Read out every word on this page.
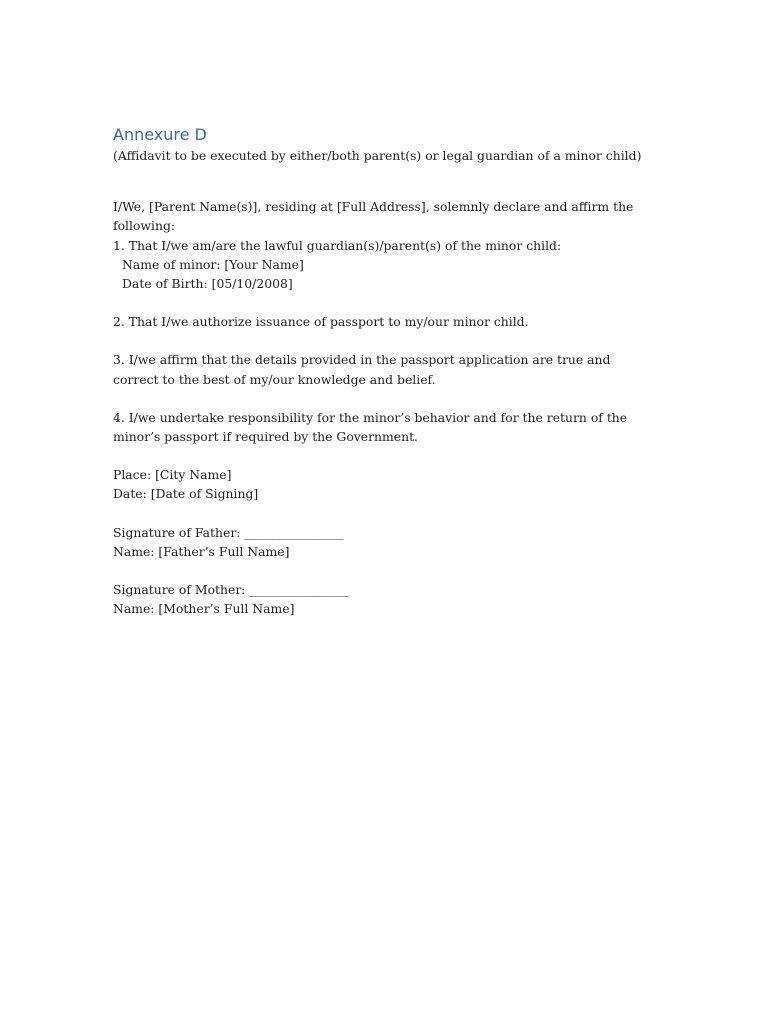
Annexure D

(Affidavit to be executed by either/both parent(s) or legal guardian of a minor child)

I/We, [Parent Name(s)], residing at [Full Address], solemnly declare and affirm the following:

1. That I/we am/are the lawful guardian(s)/parent(s) of the minor child:
Name of minor: [Your Name]
Date of Birth: [05/10/2008]

2. That I/we authorize issuance of passport to my/our minor child.

3. I/we affirm that the details provided in the passport application are true and correct to the best of my/our knowledge and belief.

4. I/we undertake responsibility for the minor’s behavior and for the return of the minor’s passport if required by the Government.

Place: [City Name]
Date: [Date of Signing]
Signature of Father: ________________
Name: [Father’s Full Name]
Signature of Mother: ________________
Name: [Mother’s Full Name]
